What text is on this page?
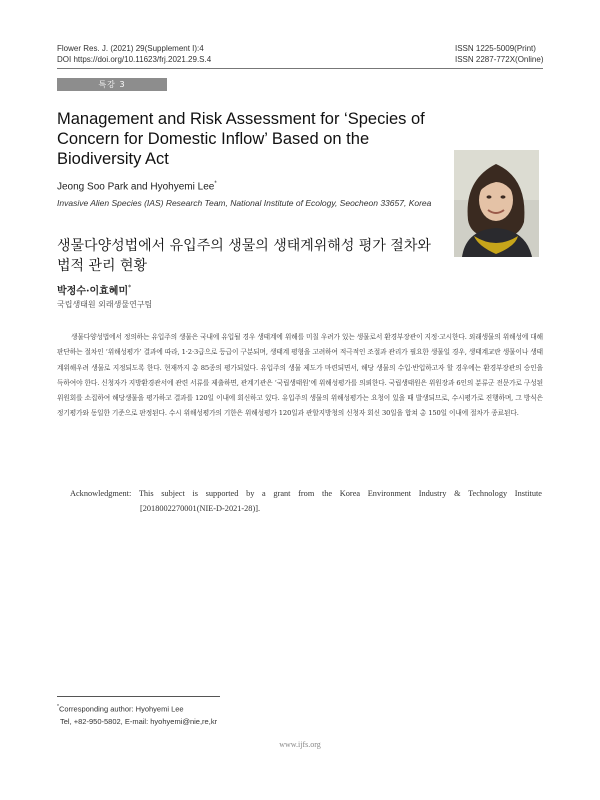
Flower Res. J. (2021) 29(Supplement I):4
DOI https://doi.org/10.11623/frj.2021.29.S.4
ISSN 1225-5009(Print)
ISSN 2287-772X(Online)
특강 3
Management and Risk Assessment for ‘Species of Concern for Domestic Inflow’ Based on the Biodiversity Act
Jeong Soo Park and Hyohyemi Lee*
Invasive Alien Species (IAS) Research Team, National Institute of Ecology, Seocheon 33657, Korea
생물다양성법에서 유입주의 생물의 생태계위해성 평가 절차와 법적 관리 현황
박정수·이효혜미*
국립생태원 외래생물연구팀

생물다양성법에서 정의하는 유입주의 생물은 국내에 유입될 경우 생태계에 위해를 미칠 우려가 있는 생물로서 환경부장관이 지정·고시한다. 외래생물의 위해성에 대해 판단하는 절차인 ‘위해성평가’ 결과에 따라, 1·2·3급으로 등급이 구분되며, 생태계 평형을 고려하여 적극적인 조절과 관리가 필요한 생물일 경우, 생태계교란 생물이나 생태계위해우려 생물로 지정되도록 한다. 현재까지 총 85종의 평가되었다. 유입주의 생물 제도가 마련되면서, 해당 생물의 수입·반입하고자 할 경우에는 환경부장관의 승인을 득하여야 한다. 신청자가 지방환경관서에 관련 서류를 제출하면, 관계기관은 ‘국립생태원’에 위해성평가를 의뢰한다. 국립생태원은 위원장과 6인의 분류군 전문가로 구성된 위원회를 소집하여 해당생물을 평가하고 결과를 120일 이내에 회신하고 있다. 유입주의 생물의 위해성평가는 요청이 있을 때 발생되므로, 수시평가로 진행하며, 그 방식은 정기평가와 동일한 기준으로 판정된다. 수시 위해성평가의 기한은 위해성평가 120일과 관할지방청의 신청자 회신 30일을 합쳐 총 150일 이내에 절차가 종료된다.

Acknowledgment: This subject is supported by a grant from the Korea Environment Industry & Technology Institute
[2018002270001(NIE-D-2021-28)].
*Corresponding author: Hyohyemi Lee
Tel, +82-950-5802, E-mail: hyohyemi@nie,re,kr
www.ijfs.org
